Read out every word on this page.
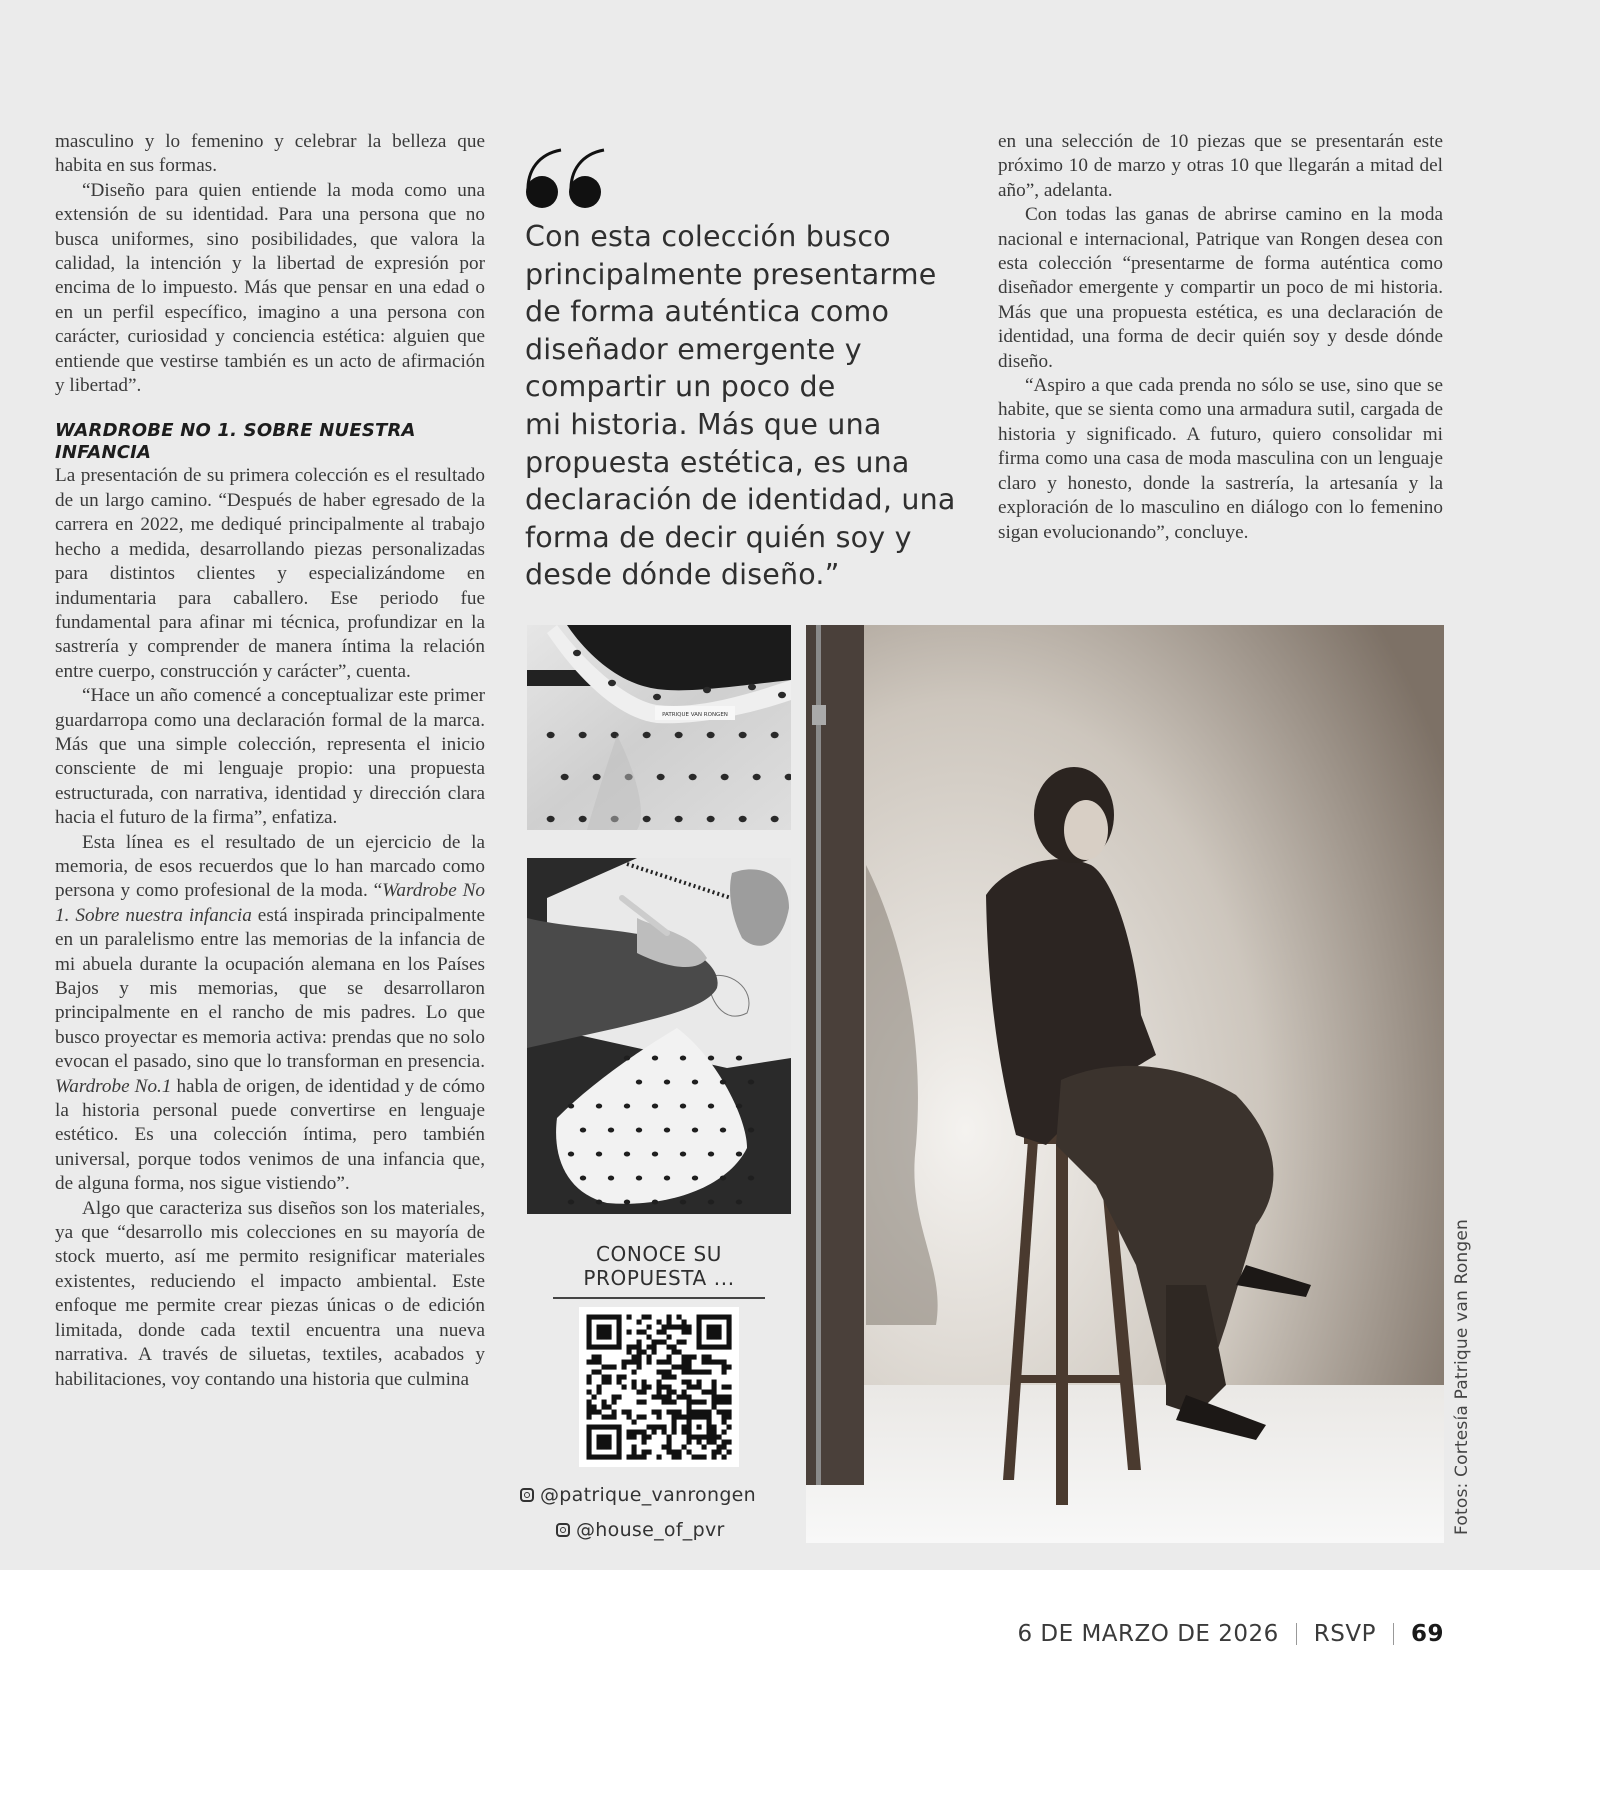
masculino y lo femenino y celebrar la belleza que habita en sus formas.

“Diseño para quien entiende la moda como una extensión de su identidad. Para una persona que no busca uniformes, sino posibilidades, que valora la calidad, la intención y la libertad de expresión por encima de lo impuesto. Más que pensar en una edad o en un perfil específico, imagino a una persona con carácter, curiosidad y conciencia estética: alguien que entiende que vestirse también es un acto de afirmación y libertad”.

WARDROBE NO 1. SOBRE NUESTRA INFANCIA

La presentación de su primera colección es el resultado de un largo camino. “Después de haber egresado de la carrera en 2022, me dediqué principalmente al trabajo hecho a medida, desarrollando piezas personalizadas para distintos clientes y especializándome en indumentaria para caballero. Ese periodo fue fundamental para afinar mi técnica, profundizar en la sastrería y comprender de manera íntima la relación entre cuerpo, construcción y carácter”, cuenta.

“Hace un año comencé a conceptualizar este primer guardarropa como una declaración formal de la marca. Más que una simple colección, representa el inicio consciente de mi lenguaje propio: una propuesta estructurada, con narrativa, identidad y dirección clara hacia el futuro de la firma”, enfatiza.

Esta línea es el resultado de un ejercicio de la memoria, de esos recuerdos que lo han marcado como persona y como profesional de la moda. “Wardrobe No 1. Sobre nuestra infancia está inspirada principalmente en un paralelismo entre las memorias de la infancia de mi abuela durante la ocupación alemana en los Países Bajos y mis memorias, que se desarrollaron principalmente en el rancho de mis padres. Lo que busco proyectar es memoria activa: prendas que no solo evocan el pasado, sino que lo transforman en presencia. Wardrobe No.1 habla de origen, de identidad y de cómo la historia personal puede convertirse en lenguaje estético. Es una colección íntima, pero también universal, porque todos venimos de una infancia que, de alguna forma, nos sigue vistiendo”.

Algo que caracteriza sus diseños son los materiales, ya que “desarrollo mis colecciones en su mayoría de stock muerto, así me permito resignificar materiales existentes, reduciendo el impacto ambiental. Este enfoque me permite crear piezas únicas o de edición limitada, donde cada textil encuentra una nueva narrativa. A través de siluetas, textiles, acabados y habilitaciones, voy contando una historia que culmina

Con esta colección busco
principalmente presentarme
de forma auténtica como
diseñador emergente y
compartir un poco de
mi historia. Más que una
propuesta estética, es una
declaración de identidad, una
forma de decir quién soy y
desde dónde diseño.”

en una selección de 10 piezas que se presentarán este próximo 10 de marzo y otras 10 que llegarán a mitad del año”, adelanta.

Con todas las ganas de abrirse camino en la moda nacional e internacional, Patrique van Rongen desea con esta colección “presentarme de forma auténtica como diseñador emergente y compartir un poco de mi historia. Más que una propuesta estética, es una declaración de identidad, una forma de decir quién soy y desde dónde diseño.

“Aspiro a que cada prenda no sólo se use, sino que se habite, que se sienta como una armadura sutil, cargada de historia y significado. A futuro, quiero consolidar mi firma como una casa de moda masculina con un lenguaje claro y honesto, donde la sastrería, la artesanía y la exploración de lo masculino en diálogo con lo femenino sigan evolucionando”, concluye.

PATRIQUE VAN RONGEN
CONOCE SU
PROPUESTA ...
@patrique_vanrongen
@house_of_pvr	Fotos: Cortesía Patrique van Rongen
6 DE MARZO DE 2026 RSVP 69
